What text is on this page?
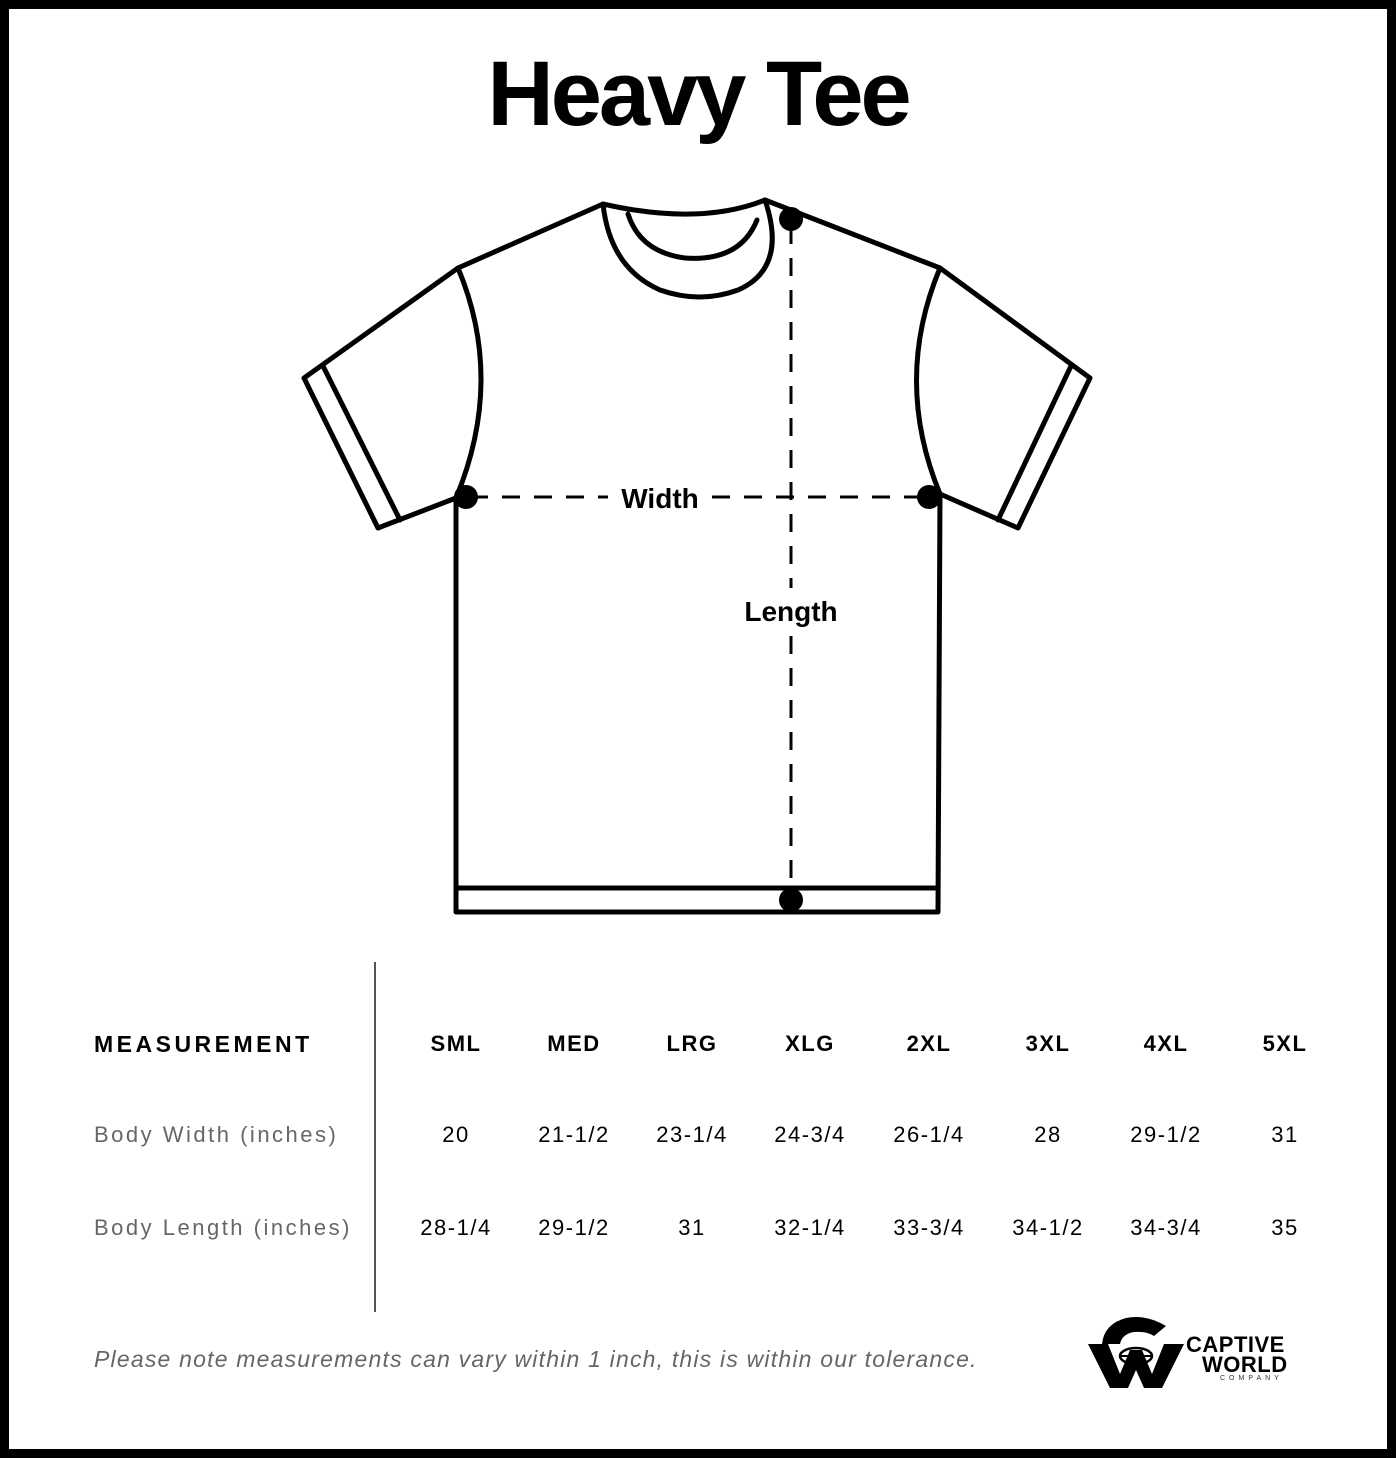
Heavy Tee
Width
Length
MEASUREMENT	SML	MED	LRG	XLG	2XL	3XL	4XL	5XL
Body Width (inches)	20	21-1/2	23-1/4	24-3/4	26-1/4	28	29-1/2	31
Body Length (inches)	28-1/4	29-1/2	31	32-1/4	33-3/4	34-1/2	34-3/4	35
Please note measurements can vary within 1 inch, this is within our tolerance.
CAPTIVE
WORLD
COMPANY
